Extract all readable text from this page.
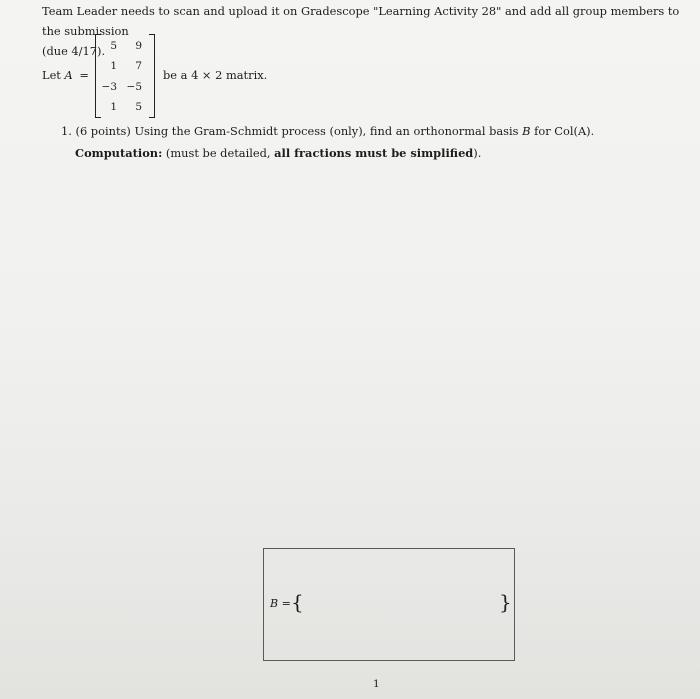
Team Leader needs to scan and upload it on Gradescope "Learning Activity 28" and add all group members to the submission
(due 4/17).
Let A =
5	9
1	7
−3 −5
1	5
be a 4 × 2 matrix.
1. (6 points) Using the Gram-Schmidt process (only), find an orthonormal basis B for Col(A).
Computation: (must be detailed, all fractions must be simplified).
B = {	}
1
